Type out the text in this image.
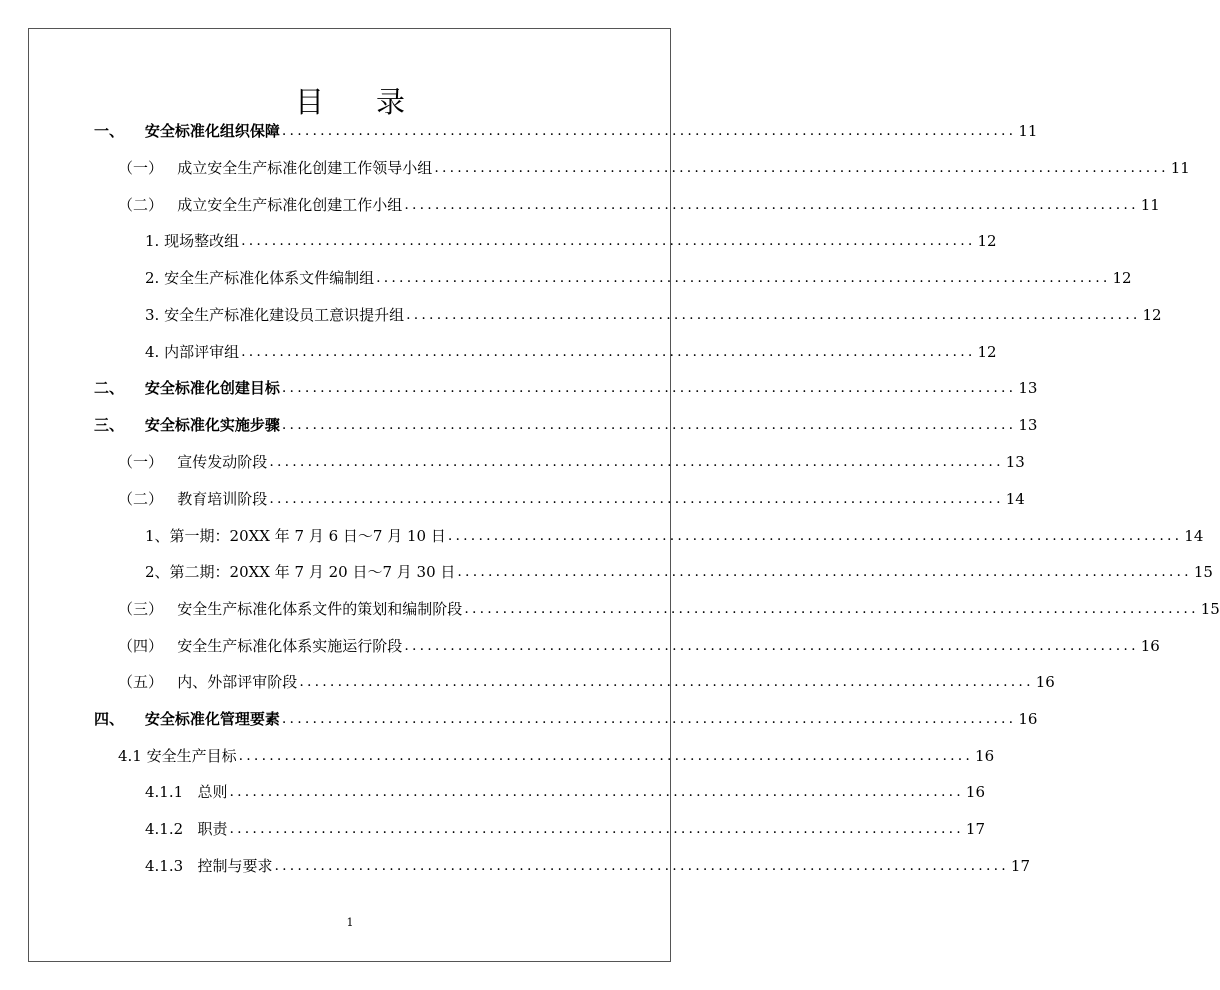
目 录
一、    安全标准化组织保障 ................................................................................................ 11
（一）   成立安全生产标准化创建工作领导小组 ................................................................................................ 11
（二）   成立安全生产标准化创建工作小组 ................................................................................................ 11
1. 现场整改组 ................................................................................................ 12
2. 安全生产标准化体系文件编制组 ................................................................................................ 12
3. 安全生产标准化建设员工意识提升组 ................................................................................................ 12
4. 内部评审组 ................................................................................................ 12
二、    安全标准化创建目标 ................................................................................................ 13
三、    安全标准化实施步骤 ................................................................................................ 13
（一）   宣传发动阶段 ................................................................................................ 13
（二）   教育培训阶段 ................................................................................................ 14
1、第一期：20XX 年 7 月 6 日～7 月 10 日 ................................................................................................ 14
2、第二期：20XX 年 7 月 20 日～7 月 30 日 ................................................................................................ 15
（三）   安全生产标准化体系文件的策划和编制阶段 ................................................................................................ 15
（四）   安全生产标准化体系实施运行阶段 ................................................................................................ 16
（五）   内、外部评审阶段 ................................................................................................ 16
四、    安全标准化管理要素 ................................................................................................ 16
4.1 安全生产目标 ................................................................................................ 16
4.1.1   总则 ................................................................................................ 16
4.1.2   职责 ................................................................................................ 17
4.1.3   控制与要求 ................................................................................................ 17
1
